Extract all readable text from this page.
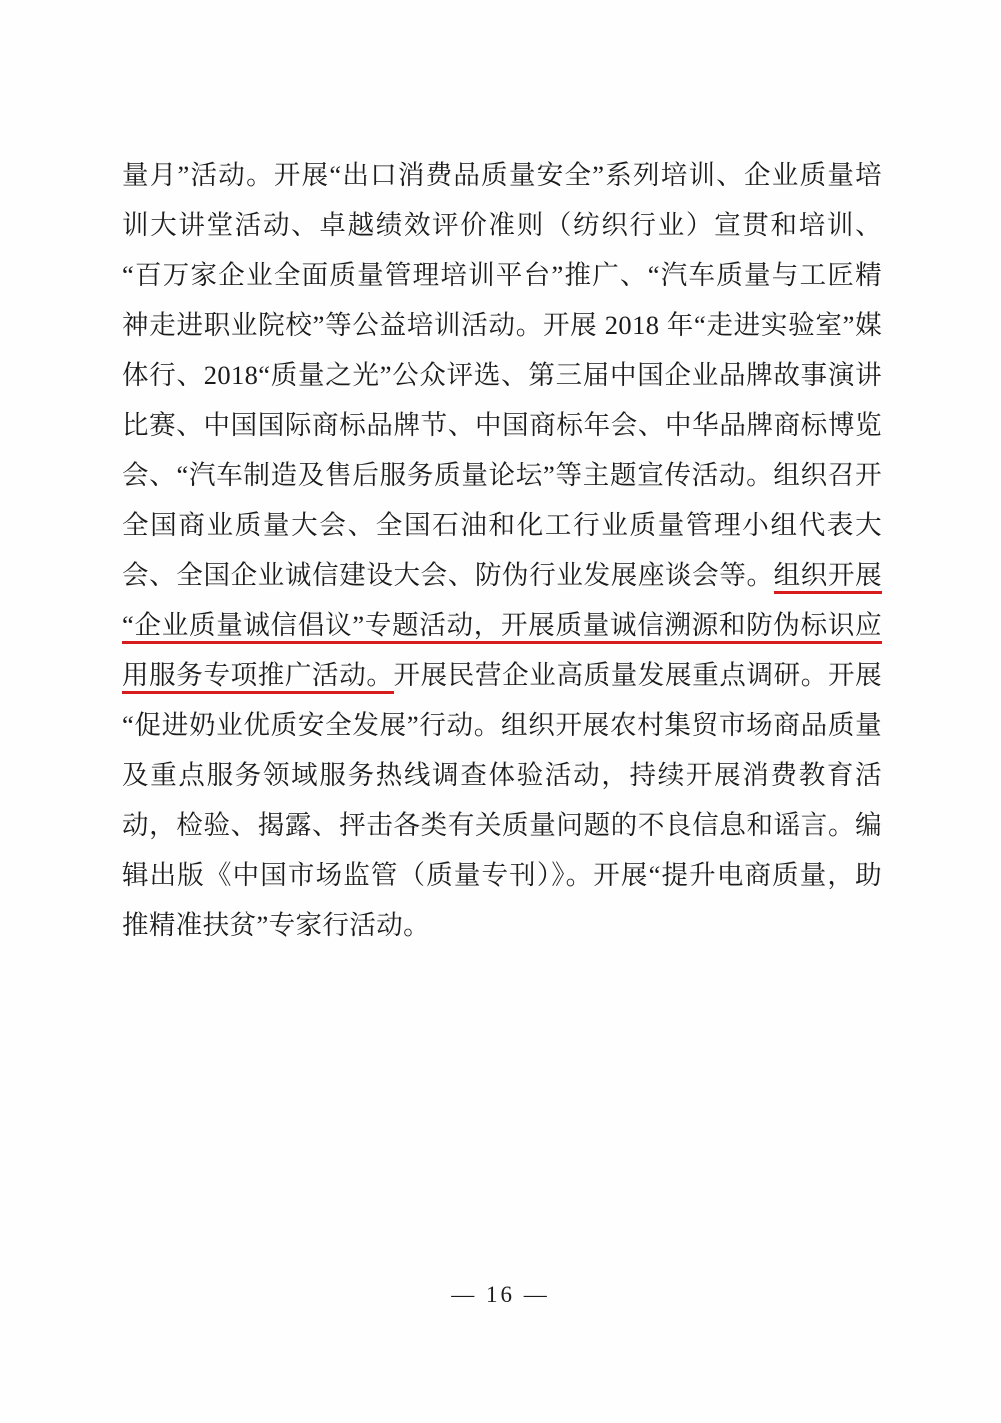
量月”活动。开展“出口消费品质量安全”系列培训、企业质量培训大讲堂活动、卓越绩效评价准则（纺织行业）宣贯和培训、“百万家企业全面质量管理培训平台”推广、“汽车质量与工匠精神走进职业院校”等公益培训活动。开展 2018 年“走进实验室”媒体行、2018“质量之光”公众评选、第三届中国企业品牌故事演讲比赛、中国国际商标品牌节、中国商标年会、中华品牌商标博览会、“汽车制造及售后服务质量论坛”等主题宣传活动。组织召开全国商业质量大会、全国石油和化工行业质量管理小组代表大会、全国企业诚信建设大会、防伪行业发展座谈会等。组织开展“企业质量诚信倡议”专题活动，开展质量诚信溯源和防伪标识应用服务专项推广活动。开展民营企业高质量发展重点调研。开展“促进奶业优质安全发展”行动。组织开展农村集贸市场商品质量及重点服务领域服务热线调查体验活动，持续开展消费教育活动，检验、揭露、抨击各类有关质量问题的不良信息和谣言。编辑出版《中国市场监管（质量专刊）》。开展“提升电商质量，助推精准扶贫”专家行活动。

— 16 —
